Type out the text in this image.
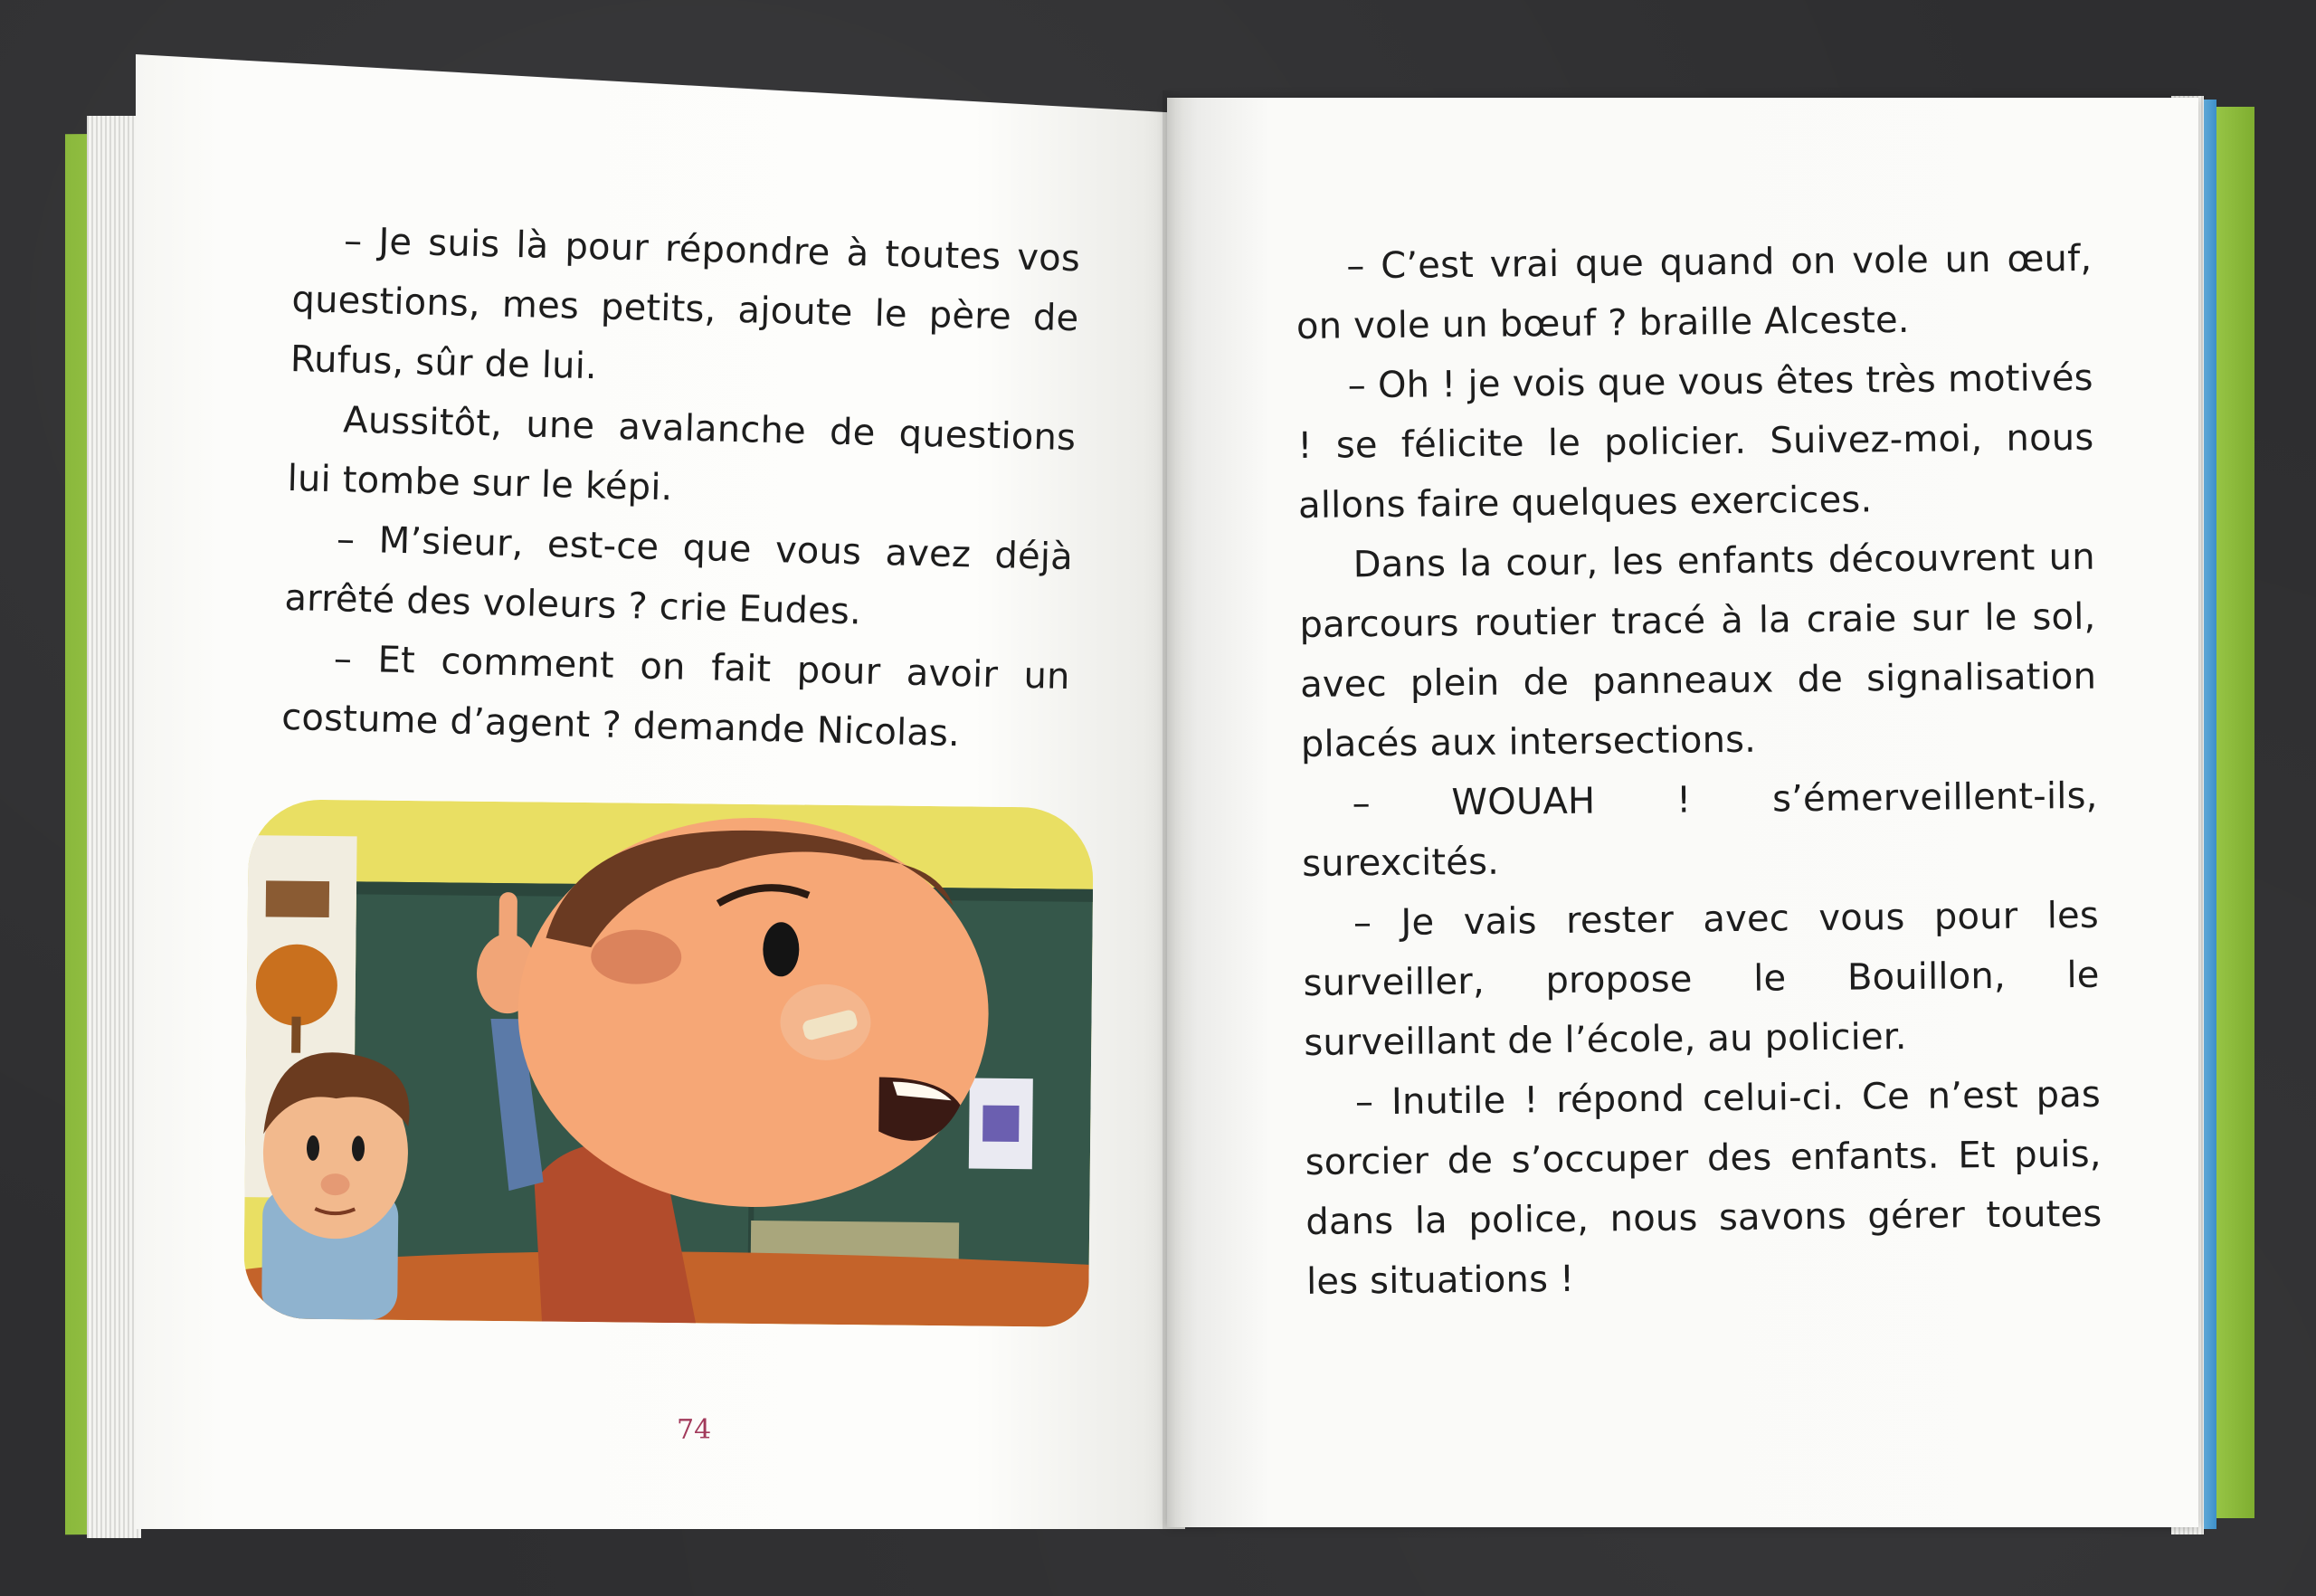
– Je suis là pour répondre à toutes vos questions, mes petits, ajoute le père de Rufus, sûr de lui.

Aussitôt, une avalanche de questions lui tombe sur le képi.

– M’sieur, est-ce que vous avez déjà arrêté des voleurs ? crie Eudes.

– Et comment on fait pour avoir un costume d’agent ? demande Nicolas.

74

– C’est vrai que quand on vole un œuf, on vole un bœuf ? braille Alceste.

– Oh ! je vois que vous êtes très motivés ! se félicite le policier. Suivez-moi, nous allons faire quelques exercices.

Dans la cour, les enfants découvrent un parcours routier tracé à la craie sur le sol, avec plein de panneaux de signalisation placés aux intersections.

– WOUAH ! s’émerveillent-ils, surexcités.

– Je vais rester avec vous pour les surveiller, propose le Bouillon, le surveillant de l’école, au policier.

– Inutile ! répond celui-ci. Ce n’est pas sorcier de s’occuper des enfants. Et puis, dans la police, nous savons gérer toutes les situations !
